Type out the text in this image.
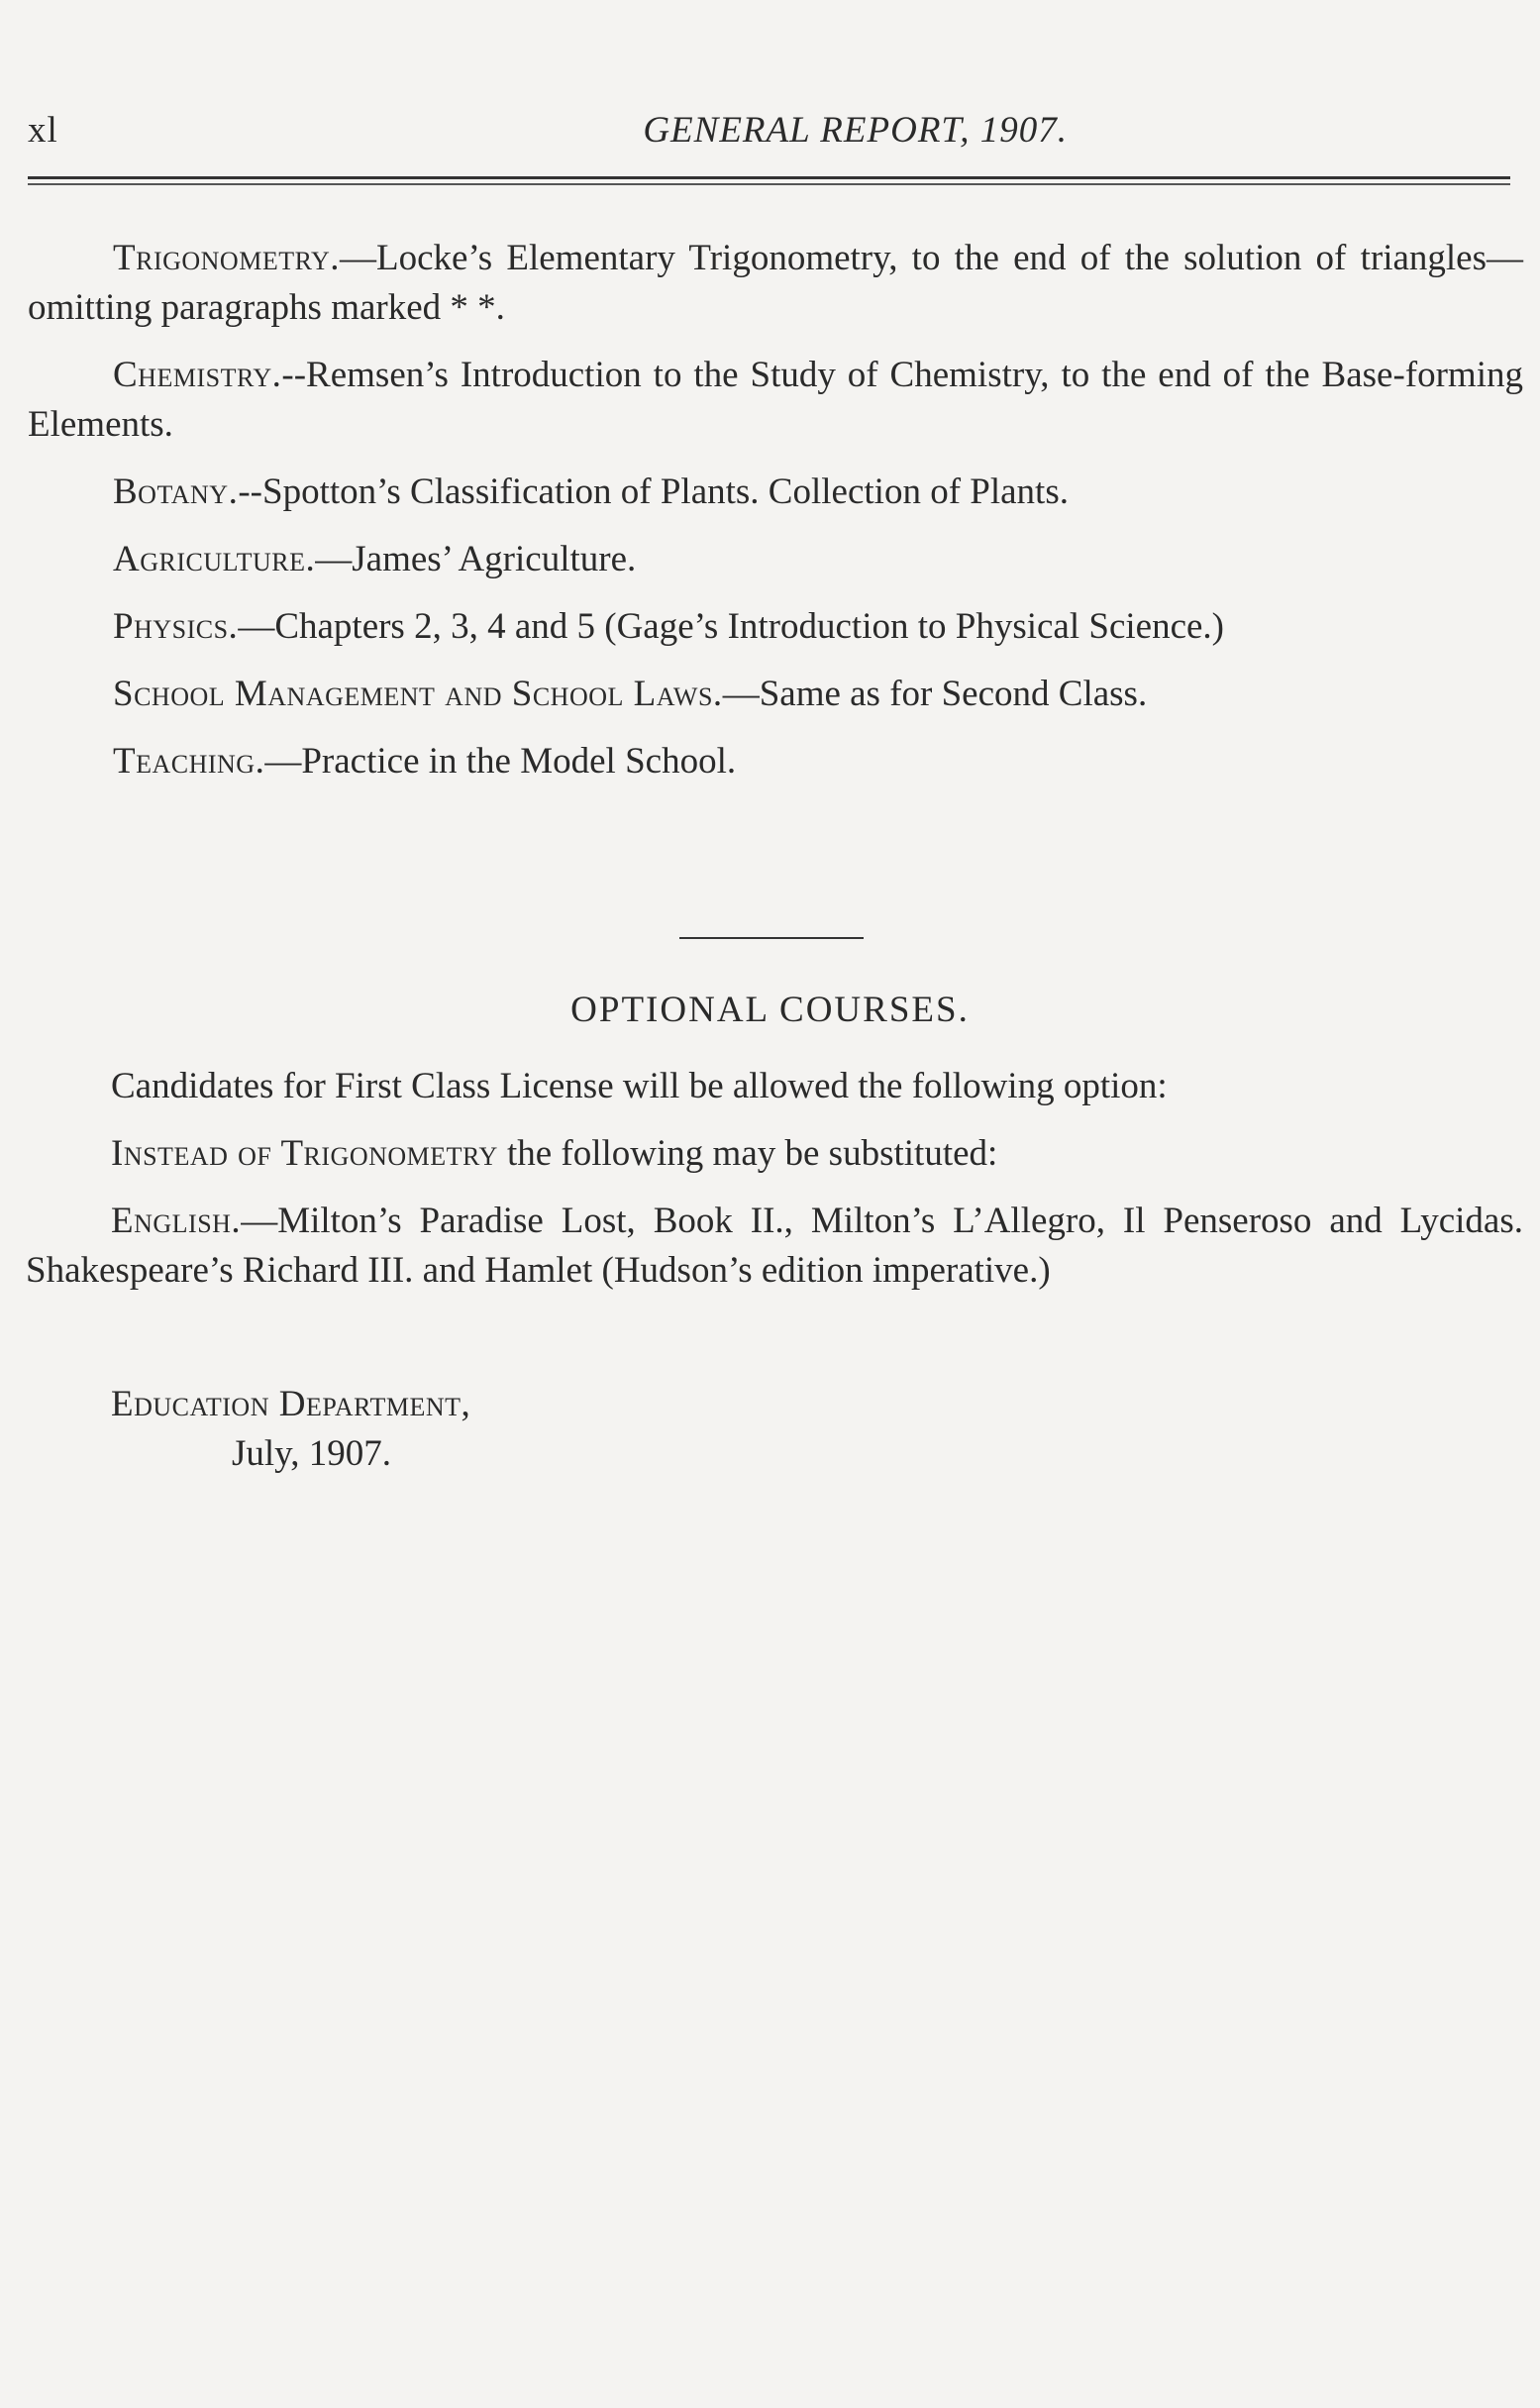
xl	GENERAL REPORT, 1907.

Trigonometry.—Locke’s Elementary Trigonometry, to the end of the solution of triangles—omitting paragraphs marked * *.

Chemistry.--Remsen’s Introduction to the Study of Chemistry, to the end of the Base-forming Elements.

Botany.--Spotton’s Classification of Plants. Collection of Plants.

Agriculture.—James’ Agriculture.

Physics.—Chapters 2, 3, 4 and 5 (Gage’s Introduction to Physical Science.)

School Management and School Laws.—Same as for Second Class.

Teaching.—Practice in the Model School.

OPTIONAL COURSES.

Candidates for First Class License will be allowed the following option:

Instead of Trigonometry the following may be substituted:

English.—Milton’s Paradise Lost, Book II., Milton’s L’Allegro, Il Penseroso and Lycidas. Shakespeare’s Richard III. and Hamlet (Hudson’s edition imperative.)

Education Department,
July, 1907.
